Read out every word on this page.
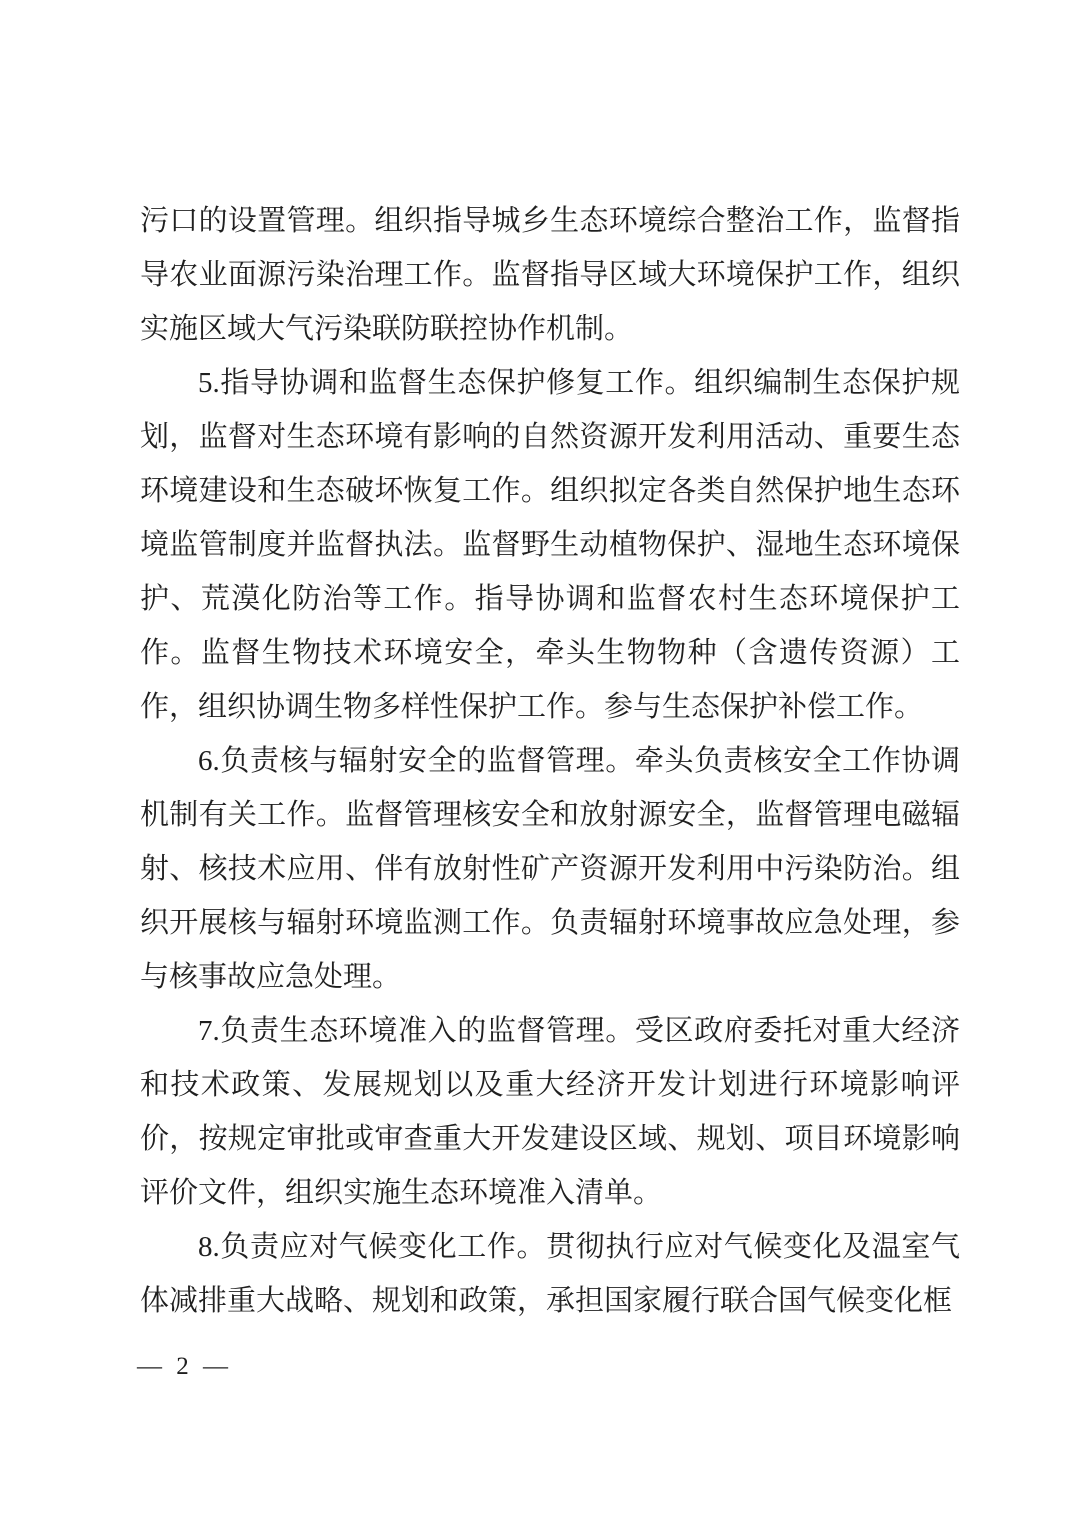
污口的设置管理。组织指导城乡生态环境综合整治工作，监督指导农业面源污染治理工作。监督指导区域大环境保护工作，组织实施区域大气污染联防联控协作机制。

5.指导协调和监督生态保护修复工作。组织编制生态保护规划，监督对生态环境有影响的自然资源开发利用活动、重要生态环境建设和生态破坏恢复工作。组织拟定各类自然保护地生态环境监管制度并监督执法。监督野生动植物保护、湿地生态环境保护、荒漠化防治等工作。指导协调和监督农村生态环境保护工作。监督生物技术环境安全，牵头生物物种（含遗传资源）工作，组织协调生物多样性保护工作。参与生态保护补偿工作。

6.负责核与辐射安全的监督管理。牵头负责核安全工作协调机制有关工作。监督管理核安全和放射源安全，监督管理电磁辐射、核技术应用、伴有放射性矿产资源开发利用中污染防治。组织开展核与辐射环境监测工作。负责辐射环境事故应急处理，参与核事故应急处理。

7.负责生态环境准入的监督管理。受区政府委托对重大经济和技术政策、发展规划以及重大经济开发计划进行环境影响评价，按规定审批或审查重大开发建设区域、规划、项目环境影响评价文件，组织实施生态环境准入清单。

8.负责应对气候变化工作。贯彻执行应对气候变化及温室气体减排重大战略、规划和政策，承担国家履行联合国气候变化框

— 2 —
